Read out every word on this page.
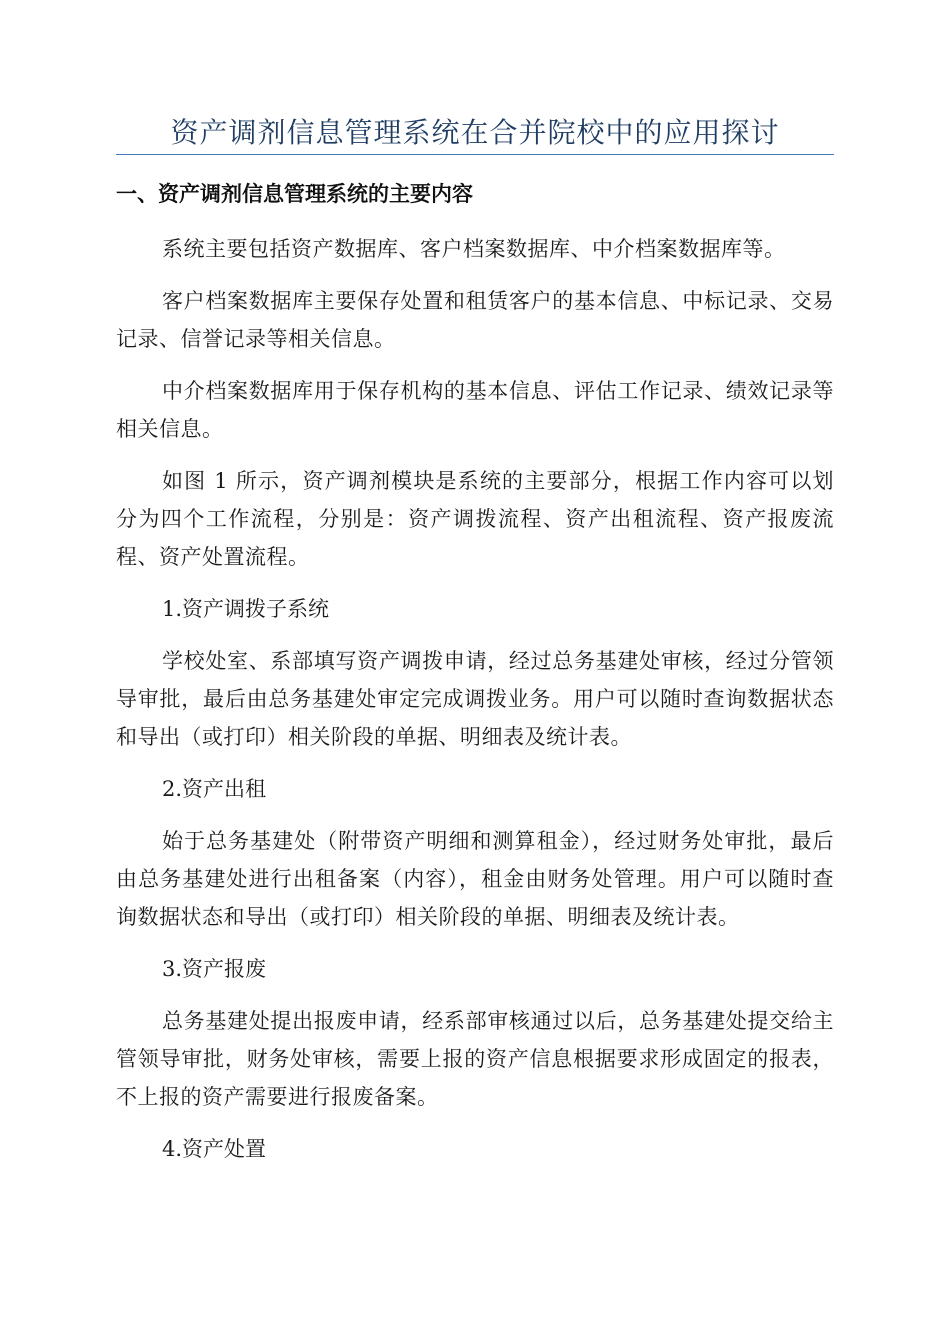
资产调剂信息管理系统在合并院校中的应用探讨
一、资产调剂信息管理系统的主要内容

系统主要包括资产数据库、客户档案数据库、中介档案数据库等。

客户档案数据库主要保存处置和租赁客户的基本信息、中标记录、交易记录、信誉记录等相关信息。

中介档案数据库用于保存机构的基本信息、评估工作记录、绩效记录等相关信息。

如图 1 所示，资产调剂模块是系统的主要部分，根据工作内容可以划分为四个工作流程，分别是：资产调拨流程、资产出租流程、资产报废流程、资产处置流程。

1.资产调拨子系统

学校处室、系部填写资产调拨申请，经过总务基建处审核，经过分管领导审批，最后由总务基建处审定完成调拨业务。用户可以随时查询数据状态和导出（或打印）相关阶段的单据、明细表及统计表。

2.资产出租

始于总务基建处（附带资产明细和测算租金），经过财务处审批，最后由总务基建处进行出租备案（内容），租金由财务处管理。用户可以随时查询数据状态和导出（或打印）相关阶段的单据、明细表及统计表。

3.资产报废

总务基建处提出报废申请，经系部审核通过以后，总务基建处提交给主管领导审批，财务处审核，需要上报的资产信息根据要求形成固定的报表，不上报的资产需要进行报废备案。

4.资产处置
